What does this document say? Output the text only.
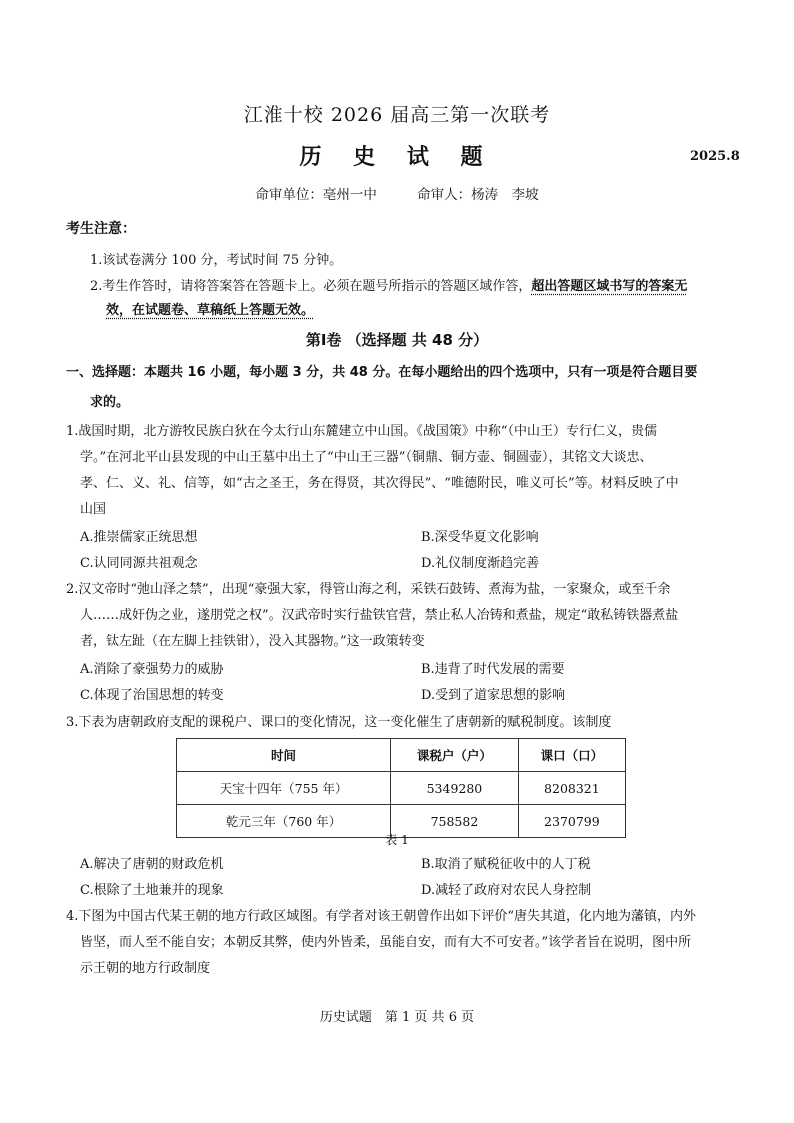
江淮十校 2026 届高三第一次联考
历 史 试 题	2025.8
命审单位：亳州一中	命审人：杨涛　李坡
考生注意：
1.该试卷满分 100 分，考试时间 75 分钟。
2.考生作答时，请将答案答在答题卡上。必须在题号所指示的答题区域作答，超出答题区域书写的答案无
效，在试题卷、草稿纸上答题无效。
第Ⅰ卷 （选择题 共 48 分）
一、选择题：本题共 16 小题，每小题 3 分，共 48 分。在每小题给出的四个选项中，只有一项是符合题目要
求的。
1.战国时期，北方游牧民族白狄在今太行山东麓建立中山国。《战国策》中称“（中山王）专行仁义，贵儒
学。”在河北平山县发现的中山王墓中出土了“中山王三器”（铜鼎、铜方壶、铜圆壶），其铭文大谈忠、
孝、仁、义、礼、信等，如“古之圣王，务在得贤，其次得民”、“唯德附民，唯义可长”等。材料反映了中
山国
A.推崇儒家正统思想	B.深受华夏文化影响
C.认同同源共祖观念	D.礼仪制度渐趋完善
2.汉文帝时“弛山泽之禁”，出现“豪强大家，得管山海之利，采铁石鼓铸、煮海为盐，一家聚众，或至千余
人……成奸伪之业，遂朋党之权”。汉武帝时实行盐铁官营，禁止私人冶铸和煮盐，规定“敢私铸铁器煮盐
者，钛左趾（在左脚上挂铁钳），没入其器物。”这一政策转变
A.消除了豪强势力的威胁	B.违背了时代发展的需要
C.体现了治国思想的转变	D.受到了道家思想的影响
3.下表为唐朝政府支配的课税户、课口的变化情况，这一变化催生了唐朝新的赋税制度。该制度
时间	课税户（户）	课口（口）
天宝十四年（755 年）	5349280	8208321
乾元三年（760 年）	758582	2370799
表 1
A.解决了唐朝的财政危机	B.取消了赋税征收中的人丁税
C.根除了土地兼并的现象	D.减轻了政府对农民人身控制
4.下图为中国古代某王朝的地方行政区域图。有学者对该王朝曾作出如下评价“唐失其道，化内地为藩镇，内外
皆坚，而人至不能自安；本朝反其弊，使内外皆柔，虽能自安，而有大不可安者。”该学者旨在说明，图中所
示王朝的地方行政制度
历史试题　第 1 页 共 6 页
